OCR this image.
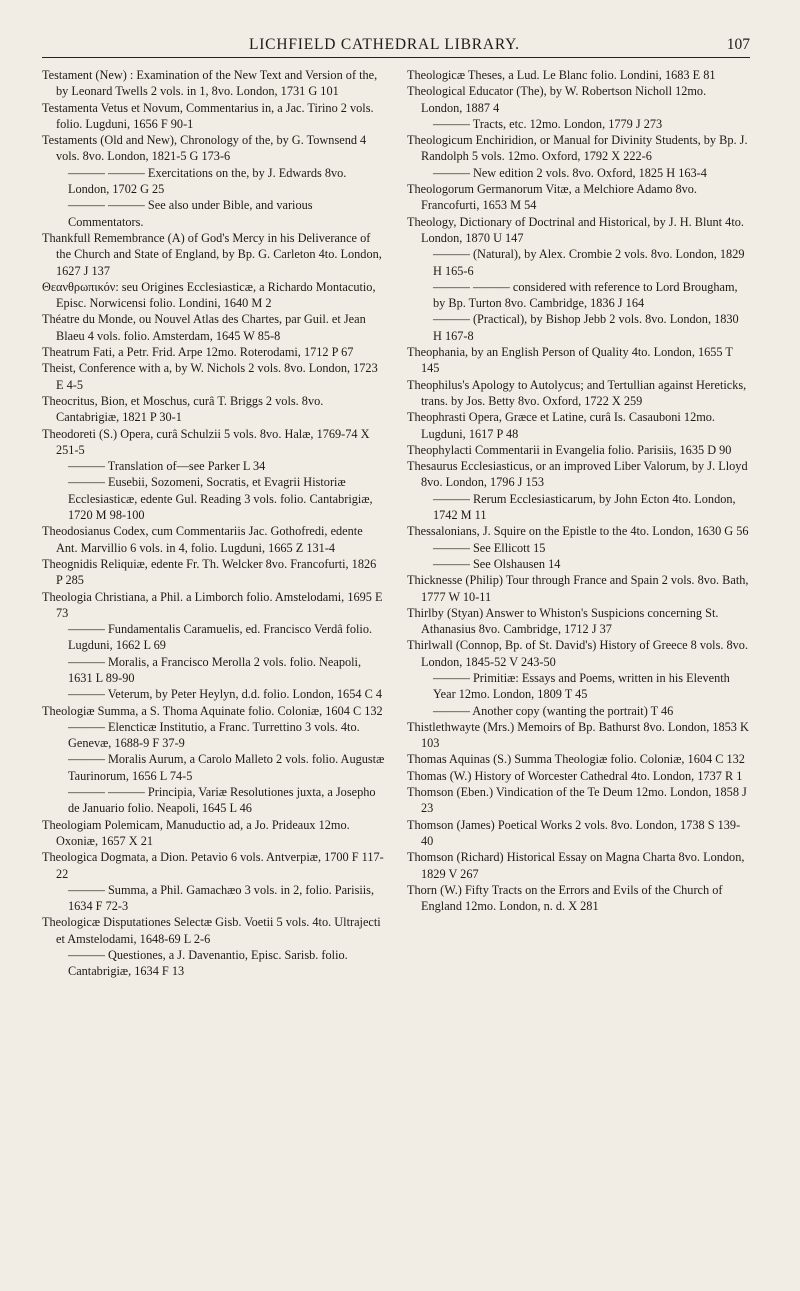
LICHFIELD CATHEDRAL LIBRARY.	107

Testament (New) : Examination of the New Text and Version of the, by Leonard Twells 2 vols. in 1, 8vo. London, 1731 G 101

Testamenta Vetus et Novum, Commentarius in, a Jac. Tirino 2 vols. folio. Lugduni, 1656 F 90-1

Testaments (Old and New), Chronology of the, by G. Townsend 4 vols. 8vo. London, 1821-5 G 173-6

——— ——— Exercitations on the, by J. Edwards 8vo. London, 1702 G 25

——— ——— See also under Bible, and various Commentators.

Thankfull Remembrance (A) of God's Mercy in his Deliverance of the Church and State of England, by Bp. G. Carleton 4to. London, 1627 J 137

Θεανθρωπικόν: seu Origines Ecclesiasticæ, a Richardo Montacutio, Episc. Norwicensi folio. Londini, 1640 M 2

Théatre du Monde, ou Nouvel Atlas des Chartes, par Guil. et Jean Blaeu 4 vols. folio. Amsterdam, 1645 W 85-8

Theatrum Fati, a Petr. Frid. Arpe 12mo. Roterodami, 1712 P 67

Theist, Conference with a, by W. Nichols 2 vols. 8vo. London, 1723 E 4-5

Theocritus, Bion, et Moschus, curâ T. Briggs 2 vols. 8vo. Cantabrigiæ, 1821 P 30-1

Theodoreti (S.) Opera, curâ Schulzii 5 vols. 8vo. Halæ, 1769-74 X 251-5

——— Translation of—see Parker L 34

——— Eusebii, Sozomeni, Socratis, et Evagrii Historiæ Ecclesiasticæ, edente Gul. Reading 3 vols. folio. Cantabrigiæ, 1720 M 98-100

Theodosianus Codex, cum Commentariis Jac. Gothofredi, edente Ant. Marvillio 6 vols. in 4, folio. Lugduni, 1665 Z 131-4

Theognidis Reliquiæ, edente Fr. Th. Welcker 8vo. Francofurti, 1826 P 285

Theologia Christiana, a Phil. a Limborch folio. Amstelodami, 1695 E 73

——— Fundamentalis Caramuelis, ed. Francisco Verdâ folio. Lugduni, 1662 L 69

——— Moralis, a Francisco Merolla 2 vols. folio. Neapoli, 1631 L 89-90

——— Veterum, by Peter Heylyn, d.d. folio. London, 1654 C 4

Theologiæ Summa, a S. Thoma Aquinate folio. Coloniæ, 1604 C 132

——— Elencticæ Institutio, a Franc. Turrettino 3 vols. 4to. Genevæ, 1688-9 F 37-9

——— Moralis Aurum, a Carolo Malleto 2 vols. folio. Augustæ Taurinorum, 1656 L 74-5

——— ——— Principia, Variæ Resolutiones juxta, a Josepho de Januario folio. Neapoli, 1645 L 46

Theologiam Polemicam, Manuductio ad, a Jo. Prideaux 12mo. Oxoniæ, 1657 X 21

Theologica Dogmata, a Dion. Petavio 6 vols. Antverpiæ, 1700 F 117-22

——— Summa, a Phil. Gamachæo 3 vols. in 2, folio. Parisiis, 1634 F 72-3

Theologicæ Disputationes Selectæ Gisb. Voetii 5 vols. 4to. Ultrajecti et Amstelodami, 1648-69 L 2-6

——— Questiones, a J. Davenantio, Episc. Sarisb. folio. Cantabrigiæ, 1634 F 13

Theologicæ Theses, a Lud. Le Blanc folio. Londini, 1683 E 81

Theological Educator (The), by W. Robertson Nicholl 12mo. London, 1887 4

——— Tracts, etc. 12mo. London, 1779 J 273

Theologicum Enchiridion, or Manual for Divinity Students, by Bp. J. Randolph 5 vols. 12mo. Oxford, 1792 X 222-6

——— New edition 2 vols. 8vo. Oxford, 1825 H 163-4

Theologorum Germanorum Vitæ, a Melchiore Adamo 8vo. Francofurti, 1653 M 54

Theology, Dictionary of Doctrinal and Historical, by J. H. Blunt 4to. London, 1870 U 147

——— (Natural), by Alex. Crombie 2 vols. 8vo. London, 1829 H 165-6

——— ——— considered with reference to Lord Brougham, by Bp. Turton 8vo. Cambridge, 1836 J 164

——— (Practical), by Bishop Jebb 2 vols. 8vo. London, 1830 H 167-8

Theophania, by an English Person of Quality 4to. London, 1655 T 145

Theophilus's Apology to Autolycus; and Tertullian against Hereticks, trans. by Jos. Betty 8vo. Oxford, 1722 X 259

Theophrasti Opera, Græce et Latine, curâ Is. Casauboni 12mo. Lugduni, 1617 P 48

Theophylacti Commentarii in Evangelia folio. Parisiis, 1635 D 90

Thesaurus Ecclesiasticus, or an improved Liber Valorum, by J. Lloyd 8vo. London, 1796 J 153

——— Rerum Ecclesiasticarum, by John Ecton 4to. London, 1742 M 11

Thessalonians, J. Squire on the Epistle to the 4to. London, 1630 G 56

——— See Ellicott 15

——— See Olshausen 14

Thicknesse (Philip) Tour through France and Spain 2 vols. 8vo. Bath, 1777 W 10-11

Thirlby (Styan) Answer to Whiston's Suspicions concerning St. Athanasius 8vo. Cambridge, 1712 J 37

Thirlwall (Connop, Bp. of St. David's) History of Greece 8 vols. 8vo. London, 1845-52 V 243-50

——— Primitiæ: Essays and Poems, written in his Eleventh Year 12mo. London, 1809 T 45

——— Another copy (wanting the portrait) T 46

Thistlethwayte (Mrs.) Memoirs of Bp. Bathurst 8vo. London, 1853 K 103

Thomas Aquinas (S.) Summa Theologiæ folio. Coloniæ, 1604 C 132

Thomas (W.) History of Worcester Cathedral 4to. London, 1737 R 1

Thomson (Eben.) Vindication of the Te Deum 12mo. London, 1858 J 23

Thomson (James) Poetical Works 2 vols. 8vo. London, 1738 S 139-40

Thomson (Richard) Historical Essay on Magna Charta 8vo. London, 1829 V 267

Thorn (W.) Fifty Tracts on the Errors and Evils of the Church of England 12mo. London, n. d. X 281
